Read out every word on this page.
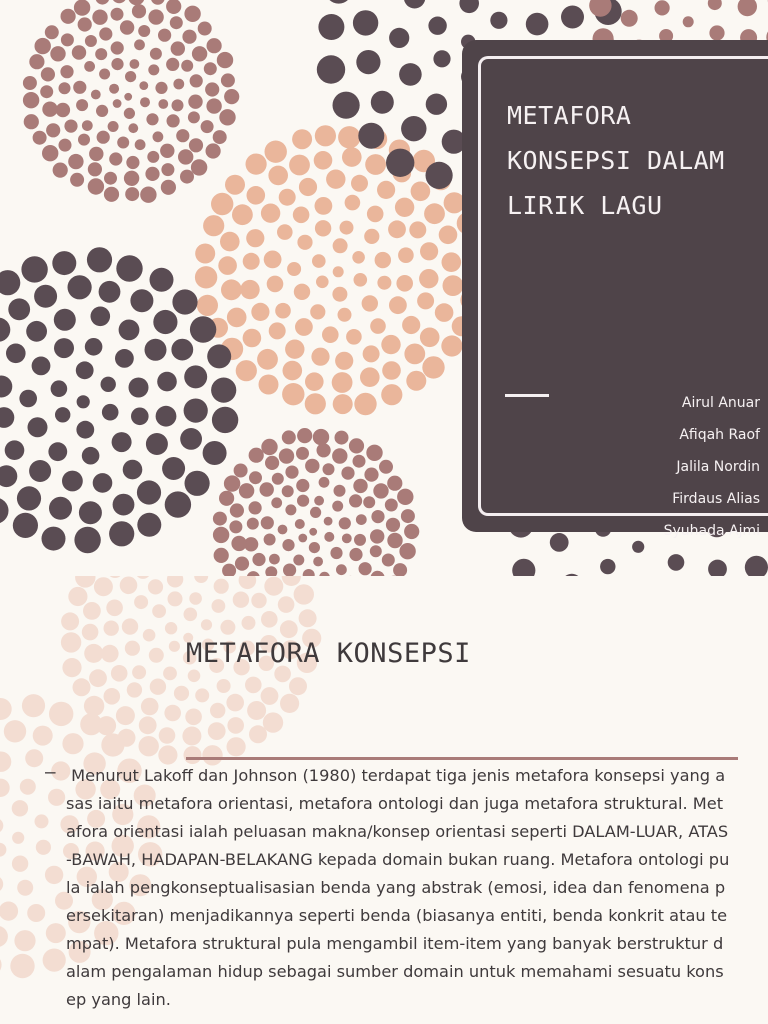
METAFORA KONSEPSI DALAM LIRIK LAGU
Airul Anuar
Afiqah Raof
Jalila Nordin
Firdaus Alias
Syuhada Ajmi
METAFORA KONSEPSI
– Menurut Lakoff dan Johnson (1980) terdapat tiga jenis metafora konsepsi yang asas iaitu metafora orientasi, metafora ontologi dan juga metafora struktural. Metafora orientasi ialah peluasan makna/konsep orientasi seperti DALAM-LUAR, ATAS-BAWAH, HADAPAN-BELAKANG kepada domain bukan ruang. Metafora ontologi pula ialah pengkonseptualisasian benda yang abstrak (emosi, idea dan fenomena persekitaran) menjadikannya seperti benda (biasanya entiti, benda konkrit atau tempat). Metafora struktural pula mengambil item-item yang banyak berstruktur dalam pengalaman hidup sebagai sumber domain untuk memahami sesuatu konsep yang lain.
